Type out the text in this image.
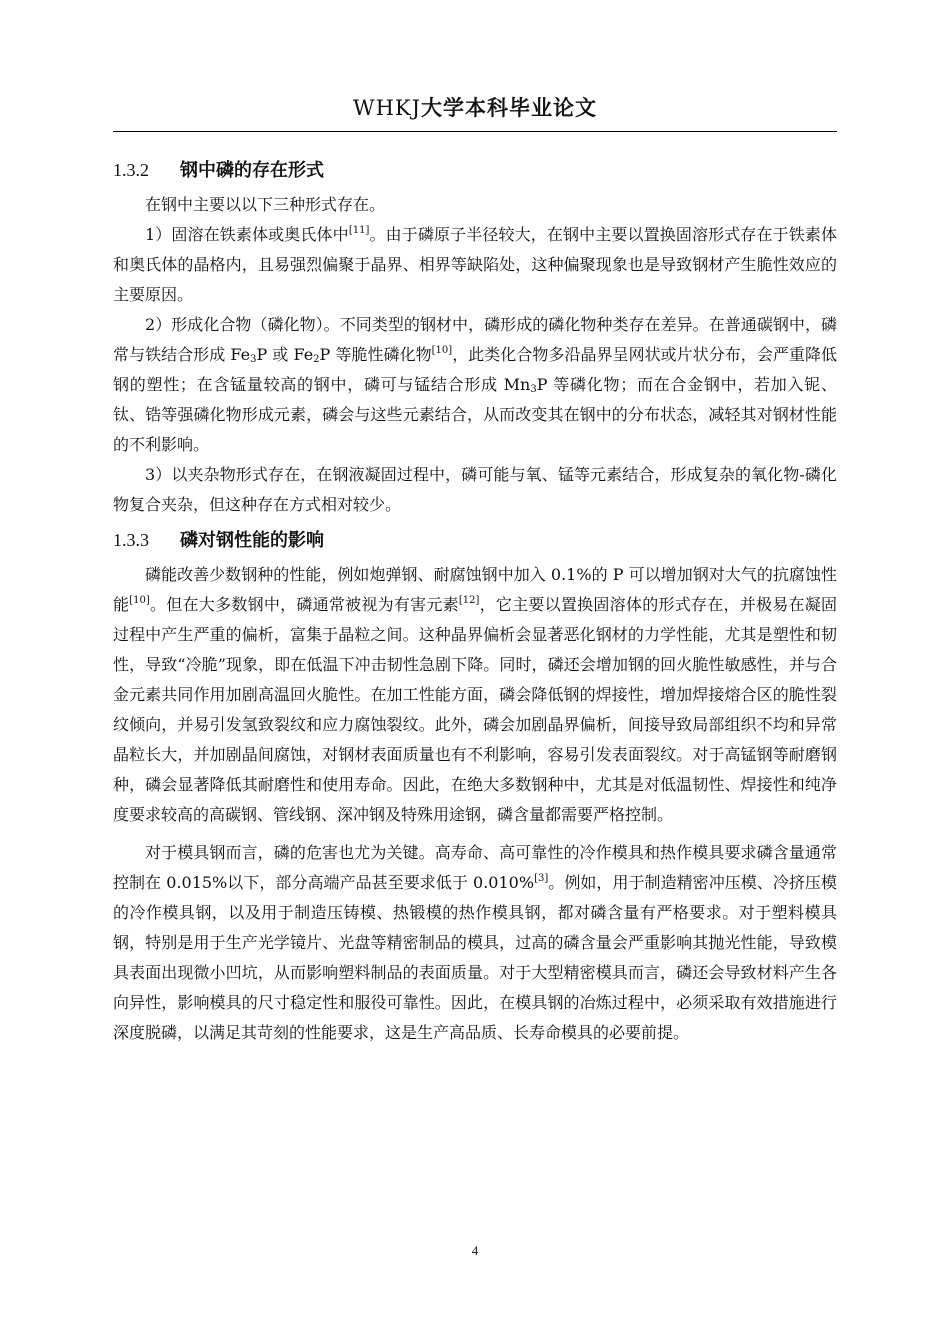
WHKJ大学本科毕业论文
1.3.2 钢中磷的存在形式

在钢中主要以以下三种形式存在。

1）固溶在铁素体或奥氏体中[11]。由于磷原子半径较大，在钢中主要以置换固溶形式存在于铁素体和奥氏体的晶格内，且易强烈偏聚于晶界、相界等缺陷处，这种偏聚现象也是导致钢材产生脆性效应的主要原因。

2）形成化合物（磷化物）。不同类型的钢材中，磷形成的磷化物种类存在差异。在普通碳钢中，磷常与铁结合形成 $Fe_3P$ 或 $Fe_2P$ 等脆性磷化物[10]，此类化合物多沿晶界呈网状或片状分布，会严重降低钢的塑性；在含锰量较高的钢中，磷可与锰结合形成 $Mn_3P$ 等磷化物；而在合金钢中，若加入铌、钛、锆等强磷化物形成元素，磷会与这些元素结合，从而改变其在钢中的分布状态，减轻其对钢材性能的不利影响。

3）以夹杂物形式存在，在钢液凝固过程中，磷可能与氧、锰等元素结合，形成复杂的氧化物-磷化物复合夹杂，但这种存在方式相对较少。

1.3.3 磷对钢性能的影响

磷能改善少数钢种的性能，例如炮弹钢、耐腐蚀钢中加入 0.1%的 P 可以增加钢对大气的抗腐蚀性能[10]。但在大多数钢中，磷通常被视为有害元素[12]，它主要以置换固溶体的形式存在，并极易在凝固过程中产生严重的偏析，富集于晶粒之间。这种晶界偏析会显著恶化钢材的力学性能，尤其是塑性和韧性，导致“冷脆”现象，即在低温下冲击韧性急剧下降。同时，磷还会增加钢的回火脆性敏感性，并与合金元素共同作用加剧高温回火脆性。在加工性能方面，磷会降低钢的焊接性，增加焊接熔合区的脆性裂纹倾向，并易引发氢致裂纹和应力腐蚀裂纹。此外，磷会加剧晶界偏析，间接导致局部组织不均和异常晶粒长大，并加剧晶间腐蚀，对钢材表面质量也有不利影响，容易引发表面裂纹。对于高锰钢等耐磨钢种，磷会显著降低其耐磨性和使用寿命。因此，在绝大多数钢种中，尤其是对低温韧性、焊接性和纯净度要求较高的高碳钢、管线钢、深冲钢及特殊用途钢，磷含量都需要严格控制。

对于模具钢而言，磷的危害也尤为关键。高寿命、高可靠性的冷作模具和热作模具要求磷含量通常控制在 0.015%以下，部分高端产品甚至要求低于 0.010%[3]。例如，用于制造精密冲压模、冷挤压模的冷作模具钢，以及用于制造压铸模、热锻模的热作模具钢，都对磷含量有严格要求。对于塑料模具钢，特别是用于生产光学镜片、光盘等精密制品的模具，过高的磷含量会严重影响其抛光性能，导致模具表面出现微小凹坑，从而影响塑料制品的表面质量。对于大型精密模具而言，磷还会导致材料产生各向异性，影响模具的尺寸稳定性和服役可靠性。因此，在模具钢的冶炼过程中，必须采取有效措施进行深度脱磷，以满足其苛刻的性能要求，这是生产高品质、长寿命模具的必要前提。

4
